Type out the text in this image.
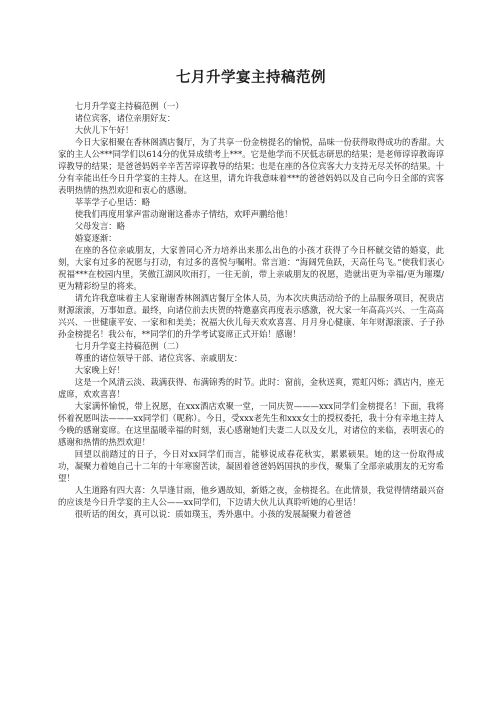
七月升学宴主持稿范例

七月升学宴主持稿范例（一）

诸位宾客，诸位亲朋好友：

大伙儿下午好！

今日大家相聚在香林阁酒店餐厅，为了共享一份金榜提名的愉悦，品味一份获得取得成功的香甜。大家的主人公***同学们以614分的优异成绩考上***。它是他学而不厌低志研思的结果；是老师谆谆教诲谆谆教导的结果；是爸爸妈妈辛辛苦苦谆谆教导的结果；也是在座的各位宾客大力支持无尽关怀的结果。十分有幸能出任今日升学宴的主持人。在这里，请允许我意味着***的爸爸妈妈以及自己向今日全部的宾客表明热情的热烈欢迎和衷心的感谢。

莘莘学子心里话：略

使我们再度用掌声雷动谢谢这番赤子情结，欢呼声鹏给他！

父母发言：略

婚宴逐渐：

在座的各位亲戚朋友，大家普同心齐力培养出来那么出色的小孩才获得了今日杯觥交错的婚宴，此刻，大家有过多的祝愿与打动，有过多的喜悦与嘱咐。常言道：“海阔凭鱼跃，天高任鸟飞。”使我们衷心祝福***在校园内里，笑傲江湖风吹雨打，一往无前，带上亲戚朋友的祝愿，造就出更为幸福/更为璀璨/更为精彩纷呈的将来。

请允许我意味着主人家谢谢香林阁酒店餐厅全体人员，为本次庆典活动给予的上品服务项目，祝贵店财源滚滚，万事如意。最终，向诸位前去庆贺的特邀嘉宾再度表示感激，祝大家一年高高兴兴、一生高高兴兴、一世健康平安、一家和和美美；祝福大伙儿每天欢欢喜喜、月月身心健康、年年财源滚滚、子子孙孙金榜提名！我公布，**同学们的升学考试宴席正式开始！感谢！

七月升学宴主持稿范例（二）

尊重的诸位领导干部、诸位宾客、亲戚朋友：

大家晚上好！

这是一个风清云淡、栽满获得、布满锦秀的时节。此时：窗前，金秋送爽，霓虹闪烁；酒店内，座无虚席，欢欢喜喜！

大家满怀愉悦，带上祝愿，在xxx酒店欢聚一堂，一同庆贺———xxx同学们金榜提名！下面，我将怀着祝愿叫法———xx同学们（昵称）。今日，受xxx老先生和xxx女士的授权委托，我十分有幸地主持人今晚的感谢宴席。在这里温暖幸福的时刻，衷心感谢她们夫妻二人以及女儿，对诸位的来临，表明衷心的感谢和热情的热烈欢迎！

回望以前踏过的日子，今日对xx同学们而言，能够说成春花秋实，累累硕果。她的这一份取得成功，凝聚力着她自己十二年的十年寒窗苦读，凝固着爸爸妈妈国执的步伐，聚集了全部亲戚朋友的无穷希望！

人生道路有四大喜：久旱逢甘雨，他乡遇故知，新婚之夜，金榜提名。在此情景，我觉得情绪最兴奋的应该是今日升学宴的主人公——xx同学们，下边请大伙儿认真聆听她的心里话！

很听话的闺女，真可以说：质如璞玉，秀外惠中。小孩的发展凝聚力着爸爸
